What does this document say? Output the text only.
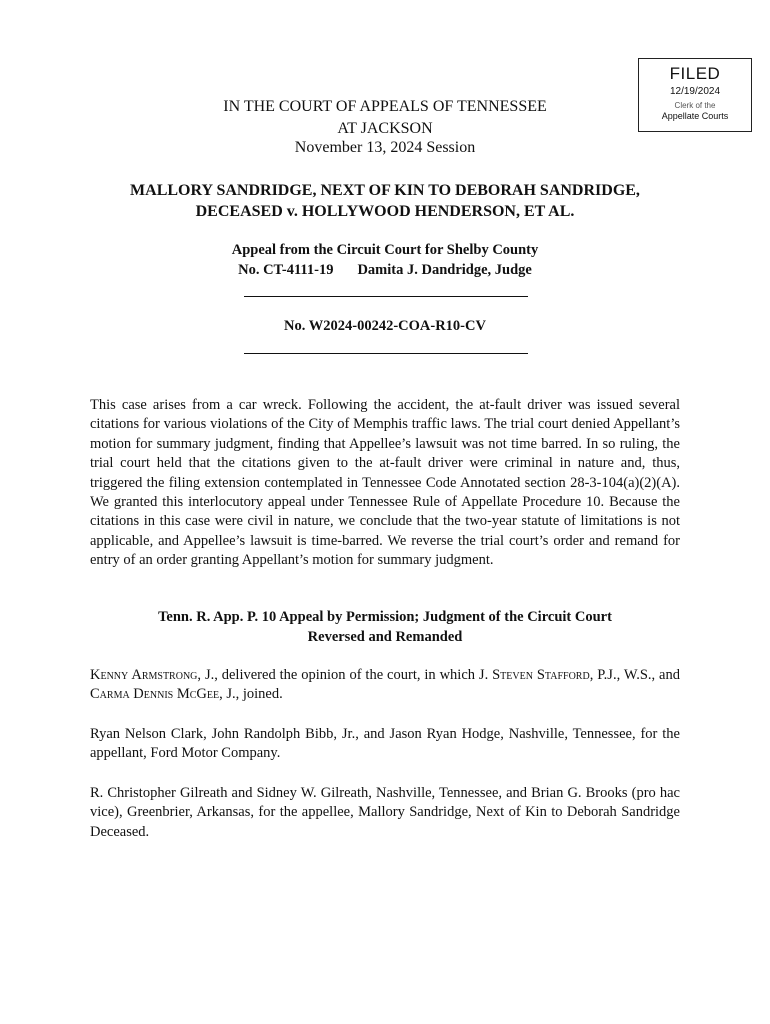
FILED
12/19/2024
Clerk of the
Appellate Courts
IN THE COURT OF APPEALS OF TENNESSEE
AT JACKSON
November 13, 2024 Session
MALLORY SANDRIDGE, NEXT OF KIN TO DEBORAH SANDRIDGE,
DECEASED v. HOLLYWOOD HENDERSON, ET AL.
Appeal from the Circuit Court for Shelby County
No. CT-4111-19 Damita J. Dandridge, Judge
No. W2024-00242-COA-R10-CV
This case arises from a car wreck. Following the accident, the at-fault driver was issued several citations for various violations of the City of Memphis traffic laws. The trial court denied Appellant’s motion for summary judgment, finding that Appellee’s lawsuit was not time barred. In so ruling, the trial court held that the citations given to the at-fault driver were criminal in nature and, thus, triggered the filing extension contemplated in Tennessee Code Annotated section 28-3-104(a)(2)(A). We granted this interlocutory appeal under Tennessee Rule of Appellate Procedure 10. Because the citations in this case were civil in nature, we conclude that the two-year statute of limitations is not applicable, and Appellee’s lawsuit is time-barred. We reverse the trial court’s order and remand for entry of an order granting Appellant’s motion for summary judgment.
Tenn. R. App. P. 10 Appeal by Permission; Judgment of the Circuit Court
Reversed and Remanded
Kenny Armstrong, J., delivered the opinion of the court, in which J. Steven Stafford, P.J., W.S., and Carma Dennis McGee, J., joined.
Ryan Nelson Clark, John Randolph Bibb, Jr., and Jason Ryan Hodge, Nashville, Tennessee, for the appellant, Ford Motor Company.
R. Christopher Gilreath and Sidney W. Gilreath, Nashville, Tennessee, and Brian G. Brooks (pro hac vice), Greenbrier, Arkansas, for the appellee, Mallory Sandridge, Next of Kin to Deborah Sandridge Deceased.
